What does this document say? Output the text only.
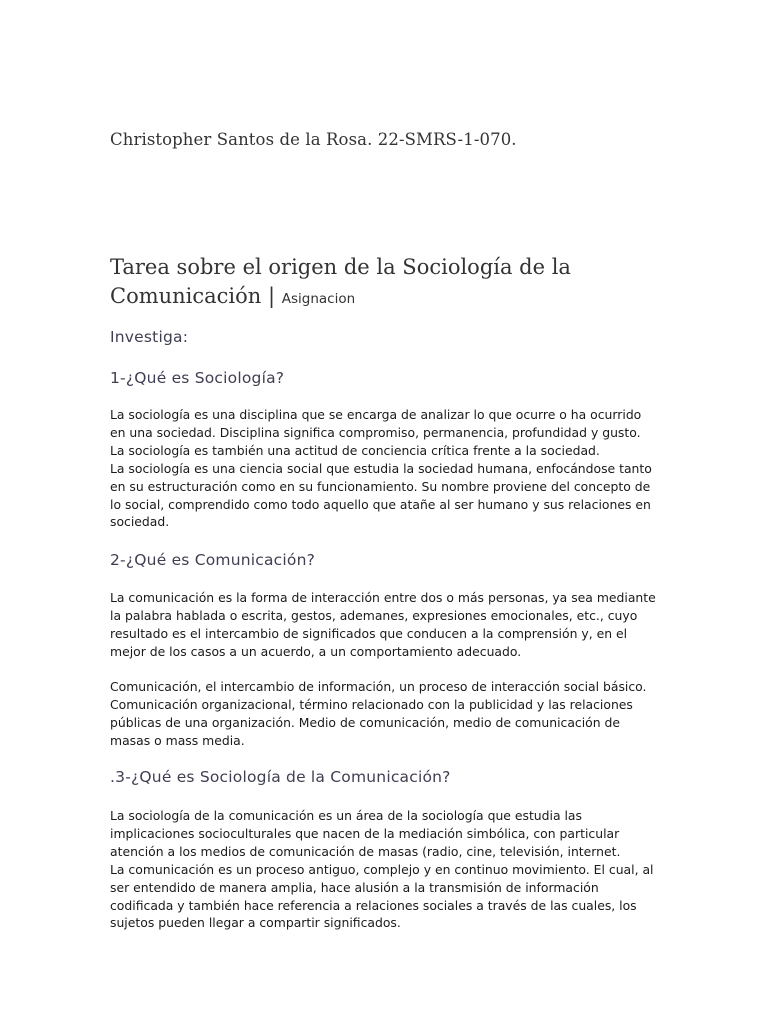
Christopher Santos de la Rosa. 22-SMRS-1-070.

Tarea sobre el origen de la Sociología de la
Comunicación | Asignacion
Investiga:
1-¿Qué es Sociología?

La sociología es una disciplina que se encarga de analizar lo que ocurre o ha ocurrido
en una sociedad. Disciplina significa compromiso, permanencia, profundidad y gusto.
La sociología es también una actitud de conciencia crítica frente a la sociedad.
La sociología es una ciencia social que estudia la sociedad humana, enfocándose tanto
en su estructuración como en su funcionamiento. Su nombre proviene del concepto de
lo social, comprendido como todo aquello que atañe al ser humano y sus relaciones en
sociedad.

2-¿Qué es Comunicación?

La comunicación es la forma de interacción entre dos o más personas, ya sea mediante
la palabra hablada o escrita, gestos, ademanes, expresiones emocionales, etc., cuyo
resultado es el intercambio de significados que conducen a la comprensión y, en el
mejor de los casos a un acuerdo, a un comportamiento adecuado.

Comunicación, el intercambio de información, un proceso de interacción social básico.
Comunicación organizacional, término relacionado con la publicidad y las relaciones
públicas de una organización. Medio de comunicación, medio de comunicación de
masas o mass media.

.3-¿Qué es Sociología de la Comunicación?

La sociología de la comunicación es un área de la sociología que estudia las
implicaciones socioculturales que nacen de la mediación simbólica, con particular
atención a los medios de comunicación de masas (radio, cine, televisión, internet.
La comunicación es un proceso antiguo, complejo y en continuo movimiento. El cual, al
ser entendido de manera amplia, hace alusión a la transmisión de información
codificada y también hace referencia a relaciones sociales a través de las cuales, los
sujetos pueden llegar a compartir significados.
